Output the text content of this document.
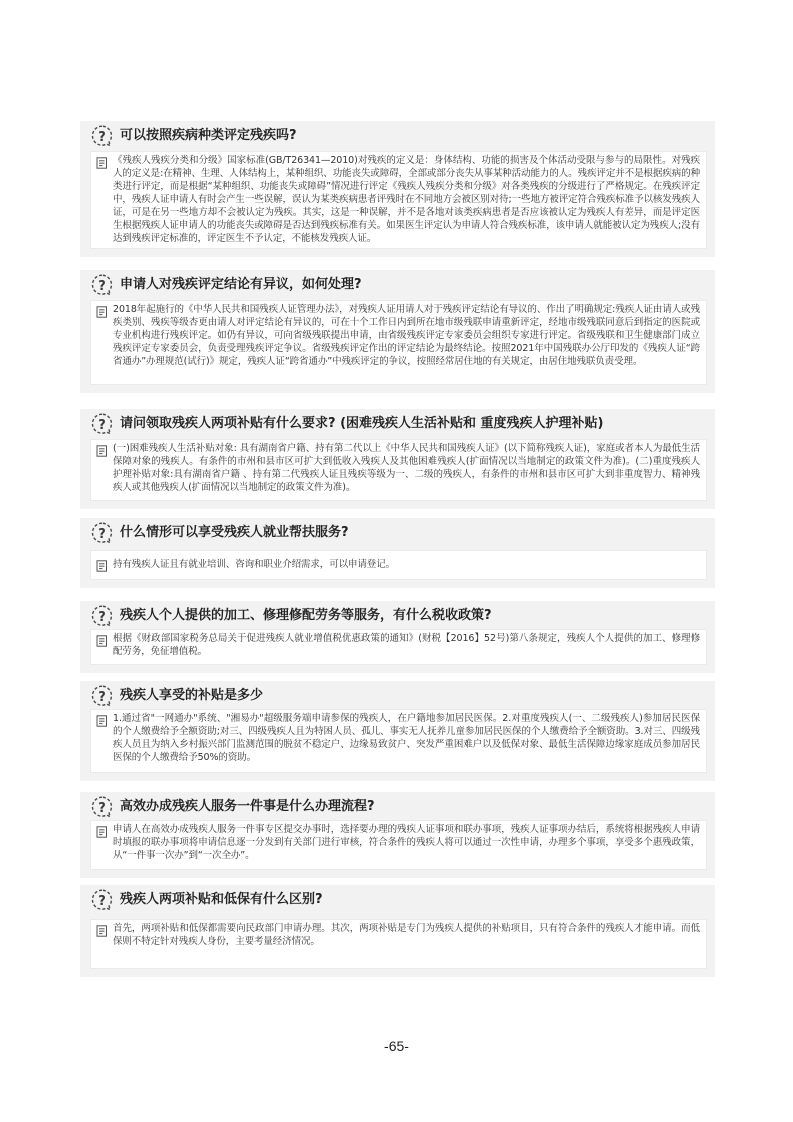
? 可以按照疾病种类评定残疾吗?
《残疾人残疾分类和分级》国家标准(GB/T26341—2010)对残疾的定义是：身体结构、功能的损害及个体活动受限与参与的局限性。对残疾人的定义是:在精神、生理、人体结构上，某种组织、功能丧失或障碍，全部或部分丧失从事某种活动能力的人。残疾评定并不是根据疾病的种类进行评定，而是根据“某种组织、功能丧失或障碍”情况进行评定《残疾人残疾分类和分级》对各类残疾的分级进行了严格规定。在残疾评定中，残疾人证申请人有时会产生一些误解，误认为某类疾病患者评残时在不同地方会被区别对待;一些地方被评定符合残疾标准予以核发残疾人证，可是在另一些地方却不会被认定为残疾。其实，这是一种误解，并不是各地对该类疾病患者是否应该被认定为残疾人有差异，而是评定医生根据残疾人证申请人的功能丧失或障碍是否达到残疾标准有关。如果医生评定认为申请人符合残疾标准，该申请人就能被认定为残疾人;没有达到残疾评定标准的，评定医生不予认定，不能核发残疾人证。
? 申请人对残疾评定结论有异议，如何处理?
2018年起施行的《中华人民共和国残疾人证管理办法》，对残疾人证用请人对于残疾评定结论有导议的、作出了明确规定:残疾人证由请人或残疾类别、残疾等级杏更由请人对评定结论有异议的，可在十个工作日内到所在地市级残联申请重新评定，经地市级残联同意后到指定的医院或专业机构进行残疾评定。如仍有异议，可向省级残联提出申请，由省级残疾评定专家委员会组织专家进行评定。省级残联和卫生健康部门成立残疾评定专家委员会，负责受理残疾评定争议。省级残疾评定作出的评定结论为最终结论。按照2021年中国残联办公厅印发的《残疾人证“跨省通办”办理规范(试行)》规定，残疾人证“跨省通办”中残疾评定的争议，按照经常居住地的有关规定，由居住地残联负责受理。
? 请问领取残疾人两项补贴有什么要求? (困难残疾人生活补贴和 重度残疾人护理补贴)
(一)困难残疾人生活补贴对象: 具有湖南省户籍、持有第二代以上《中华人民共和国残疾人证》(以下简称残疾人证)，家庭或者本人为最低生活保障对象的残疾人。有条件的市州和县市区可扩大到低收入残疾人及其他困难残疾人(扩面情况以当地制定的政策文件为准)。(二)重度残疾人护理补贴对象:具有湖南省户籍 、持有第二代残疾人证且残疾等级为一、二级的残疾人，有条件的市州和县市区可扩大到非重度智力、精神残疾人或其他残疾人(扩面情况以当地制定的政策文件为准)。
? 什么情形可以享受残疾人就业帮扶服务?
持有残疾人证且有就业培训、咨询和职业介绍需求，可以申请登记。
? 残疾人个人提供的加工、修理修配劳务等服务，有什么税收政策?
根据《财政部国家税务总局关于促进残疾人就业增值税优惠政策的通知》(财税【2016】52号)第八条规定，残疾人个人提供的加工、修理修配劳务，免征增值税。
? 残疾人享受的补贴是多少
1.通过省"一网通办"系统、"湘易办"超级服务端申请参保的残疾人，在户籍地参加居民医保。2.对重度残疾人(一、二级残疾人)参加居民医保的个人缴费给予全额资助;对三、四级残疾人且为特困人员、孤儿、事实无人抚养儿童参加居民医保的个人缴费给予全额资助。3.对三、四级残疾人员且为纳入乡村振兴部门监测范围的脱贫不稳定户、边缘易致贫户、突发严重困难户以及低保对象、最低生活保障边缘家庭成员参加居民医保的个人缴费给予50%的资助。
? 高效办成残疾人服务一件事是什么办理流程?
申请人在高效办成残疾人服务一件事专区提交办事时，选择要办理的残疾人证事项和联办事项，残疾人证事项办结后，系统将根据残疾人申请时填报的联办事项将申请信息逐一分发到有关部门进行审核，符合条件的残疾人将可以通过一次性申请，办理多个事项，享受多个惠残政策，从“一件事一次办”到“一次全办”。
? 残疾人两项补贴和低保有什么区别?
首先，两项补贴和低保都需要向民政部门申请办理。其次，两项补贴是专门为残疾人提供的补贴项目，只有符合条件的残疾人才能申请。而低保则不特定针对残疾人身份，主要考量经济情况。
-65-
